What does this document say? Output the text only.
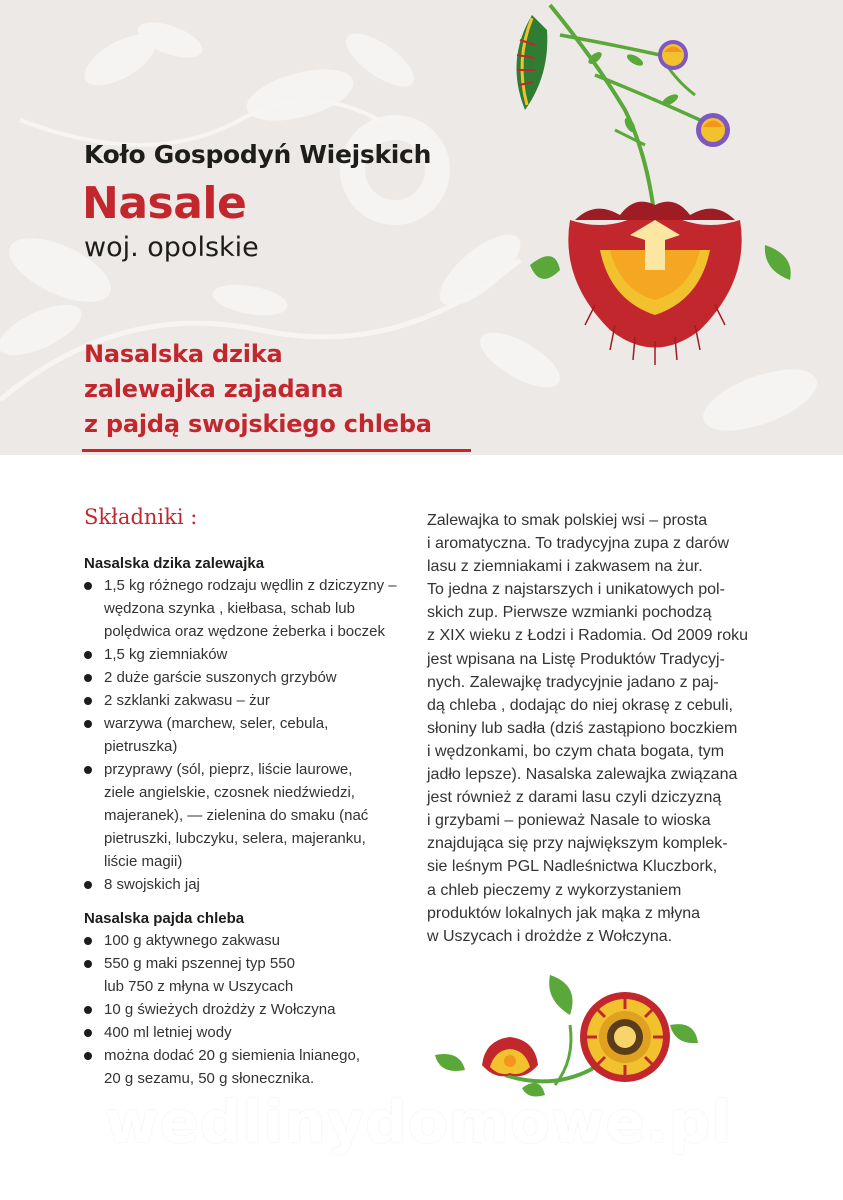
Koło Gospodyń Wiejskich
Nasale
woj. opolskie
Nasalska dzika
zalewajka zajadana
z pajdą swojskiego chleba
Składniki :
Nasalska dzika zalewajka
1,5 kg różnego rodzaju wędlin z dziczyzny –
wędzona szynka , kiełbasa, schab lub
polędwica oraz wędzone żeberka i boczek
1,5 kg ziemniaków
2 duże garście suszonych grzybów
2 szklanki zakwasu – żur
warzywa (marchew, seler, cebula,
pietruszka)
przyprawy (sól, pieprz, liście laurowe,
ziele angielskie, czosnek niedźwiedzi,
majeranek), — zielenina do smaku (nać
pietruszki, lubczyku, selera, majeranku,
liście magii)
8 swojskich jaj
Nasalska pajda chleba
100 g aktywnego zakwasu
550 g maki pszennej typ 550
lub 750 z młyna w Uszycach
10 g świeżych drożdży z Wołczyna
400 ml letniej wody
można dodać 20 g siemienia lnianego,
20 g sezamu, 50 g słonecznika.
Zalewajka to smak polskiej wsi – prosta
i aromatyczna. To tradycyjna zupa z darów
lasu z ziemniakami i zakwasem na żur.
To jedna z najstarszych i unikatowych pol-
skich zup. Pierwsze wzmianki pochodzą
z XIX wieku z Łodzi i Radomia. Od 2009 roku
jest wpisana na Listę Produktów Tradycyj-
nych. Zalewajkę tradycyjnie jadano z paj-
dą chleba , dodając do niej okrasę z cebuli,
słoniny lub sadła (dziś zastąpiono boczkiem
i wędzonkami, bo czym chata bogata, tym
jadło lepsze). Nasalska zalewajka związana
jest również z darami lasu czyli dziczyzną
i grzybami – ponieważ Nasale to wioska
znajdująca się przy największym komplek-
sie leśnym PGL Nadleśnictwa Kluczbork,
a chleb pieczemy z wykorzystaniem
produktów lokalnych jak mąka z młyna
w Uszycach i drożdże z Wołczyna.
wedlinydomowe.pl
